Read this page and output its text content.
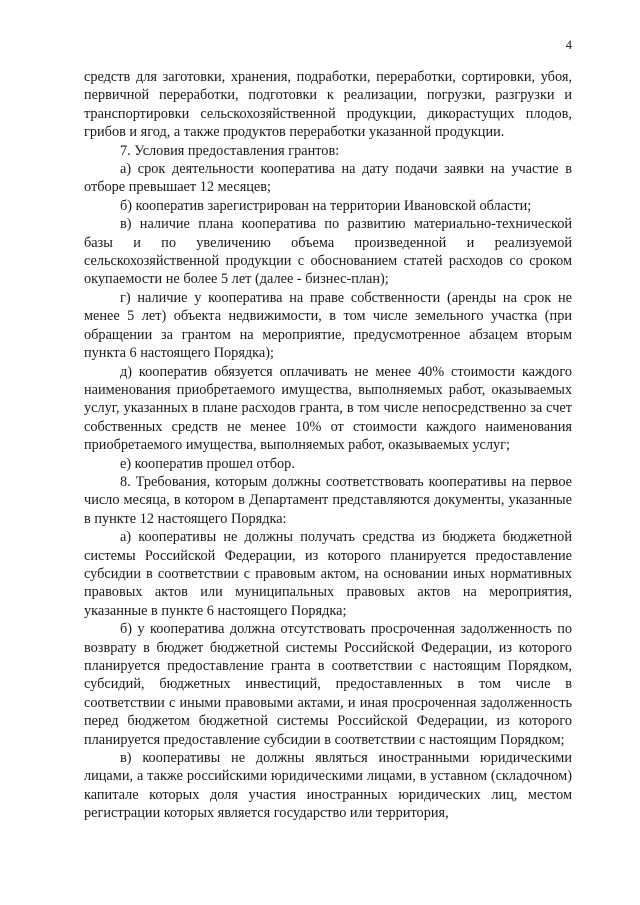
4

средств для заготовки, хранения, подработки, переработки, сортировки, убоя, первичной переработки, подготовки к реализации, погрузки, разгрузки и транспортировки сельскохозяйственной продукции, дикорастущих плодов, грибов и ягод, а также продуктов переработки указанной продукции.

7. Условия предоставления грантов:

а) срок деятельности кооператива на дату подачи заявки на участие в отборе превышает 12 месяцев;

б) кооператив зарегистрирован на территории Ивановской области;

в) наличие плана кооператива по развитию материально-технической базы и по увеличению объема произведенной и реализуемой сельскохозяйственной продукции с обоснованием статей расходов со сроком окупаемости не более 5 лет (далее - бизнес-план);

г) наличие у кооператива на праве собственности (аренды на срок не менее 5 лет) объекта недвижимости, в том числе земельного участка (при обращении за грантом на мероприятие, предусмотренное абзацем вторым пункта 6 настоящего Порядка);

д) кооператив обязуется оплачивать не менее 40% стоимости каждого наименования приобретаемого имущества, выполняемых работ, оказываемых услуг, указанных в плане расходов гранта, в том числе непосредственно за счет собственных средств не менее 10% от стоимости каждого наименования приобретаемого имущества, выполняемых работ, оказываемых услуг;

е) кооператив прошел отбор.

8. Требования, которым должны соответствовать кооперативы на первое число месяца, в котором в Департамент представляются документы, указанные в пункте 12 настоящего Порядка:

а) кооперативы не должны получать средства из бюджета бюджетной системы Российской Федерации, из которого планируется предоставление субсидии в соответствии с правовым актом, на основании иных нормативных правовых актов или муниципальных правовых актов на мероприятия, указанные в пункте 6 настоящего Порядка;

б) у кооператива должна отсутствовать просроченная задолженность по возврату в бюджет бюджетной системы Российской Федерации, из которого планируется предоставление гранта в соответствии с настоящим Порядком, субсидий, бюджетных инвестиций, предоставленных в том числе в соответствии с иными правовыми актами, и иная просроченная задолженность перед бюджетом бюджетной системы Российской Федерации, из которого планируется предоставление субсидии в соответствии с настоящим Порядком;

в) кооперативы не должны являться иностранными юридическими лицами, а также российскими юридическими лицами, в уставном (складочном) капитале которых доля участия иностранных юридических лиц, местом регистрации которых является государство или территория,
